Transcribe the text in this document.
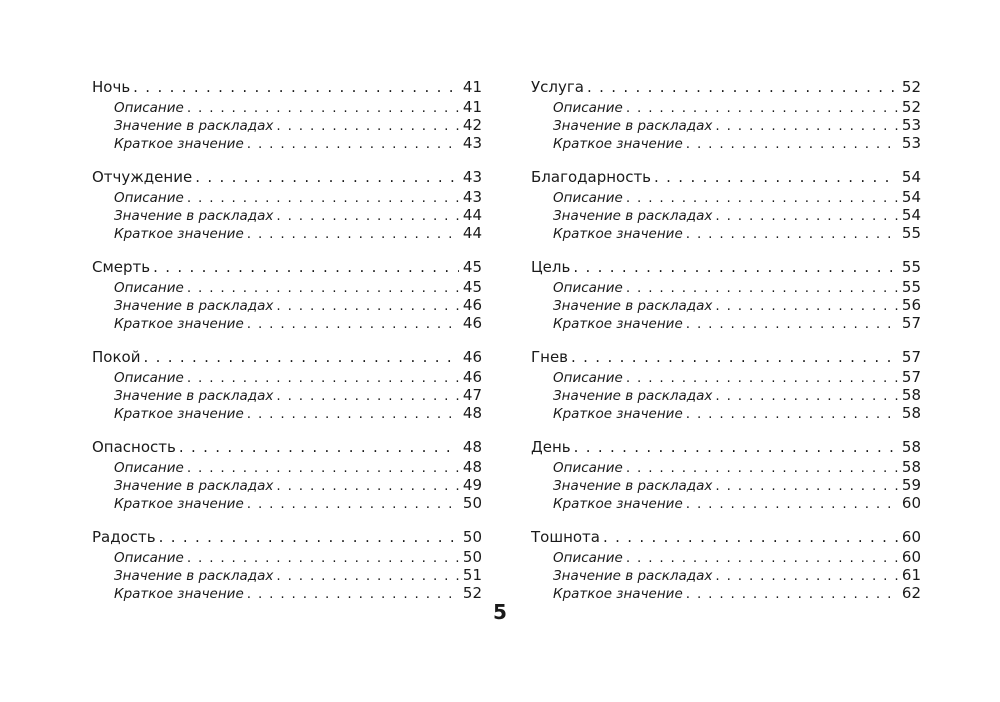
Ночь . . .	41
Описание . . .	41
Значение в раскладах . . .	42
Краткое значение . . .	43
Отчуждение . . .	43
Описание . . .	43
Значение в раскладах . . .	44
Краткое значение . . .	44
Смерть . . .	45
Описание . . .	45
Значение в раскладах . . .	46
Краткое значение . . .	46
Покой . . .	46
Описание . . .	46
Значение в раскладах . . .	47
Краткое значение . . .	48
Опасность . . .	48
Описание . . .	48
Значение в раскладах . . .	49
Краткое значение . . .	50
Радость . . .	50
Описание . . .	50
Значение в раскладах . . .	51
Краткое значение . . .	52
Услуга . . .	52
Описание . . .	52
Значение в раскладах . . .	53
Краткое значение . . .	53
Благодарность . . .	54
Описание . . .	54
Значение в раскладах . . .	54
Краткое значение . . .	55
Цель . . .	55
Описание . . .	55
Значение в раскладах . . .	56
Краткое значение . . .	57
Гнев . . .	57
Описание . . .	57
Значение в раскладах . . .	58
Краткое значение . . .	58
День . . .	58
Описание . . .	58
Значение в раскладах . . .	59
Краткое значение . . .	60
Тошнота . . .	60
Описание . . .	60
Значение в раскладах . . .	61
Краткое значение . . .	62
5
